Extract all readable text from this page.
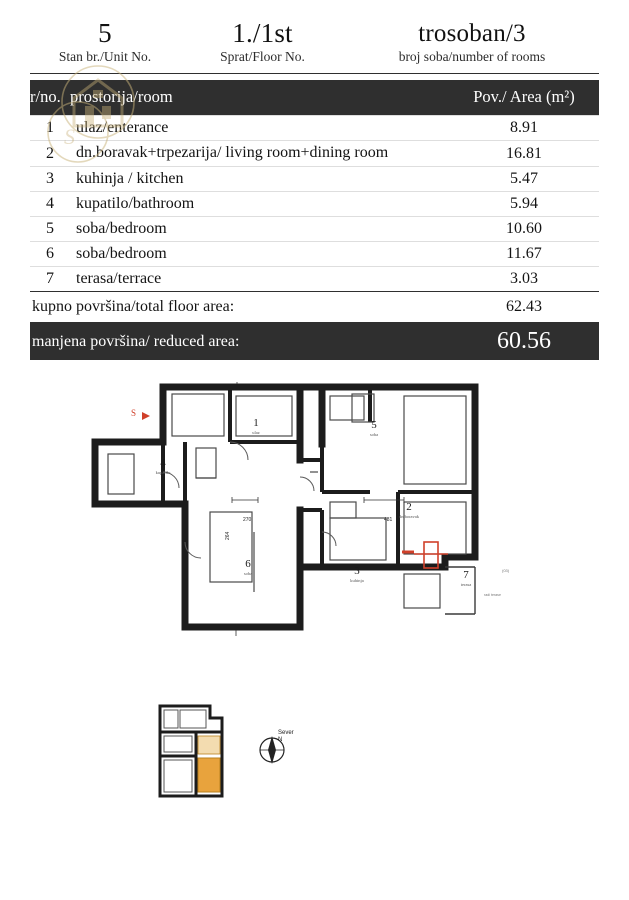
S
5
Stan br./Unit No.
1./1st
Sprat/Floor No.
trosoban/3
broj soba/number of rooms
r/no.	prostorija/room	Pov./ Area (m²)
1	ulaz/enterance	8.91
2	dn.boravak+trpezarija/ living room+dining room	16.81
3	kuhinja / kitchen	5.47
4	kupatilo/bathroom	5.94
5	soba/bedroom	10.60
6	soba/bedroom	11.67
7	terasa/terrace	3.03
kupno površina/total floor area:		62.43
manjena površina/ reduced area:		60.56
S
1
ulaz
2
dn.boravak
3
kuhinja
4
kupatilo
5
soba
6
soba	7
terasa
270	481
264
(03)
radi terase
Sever
N
